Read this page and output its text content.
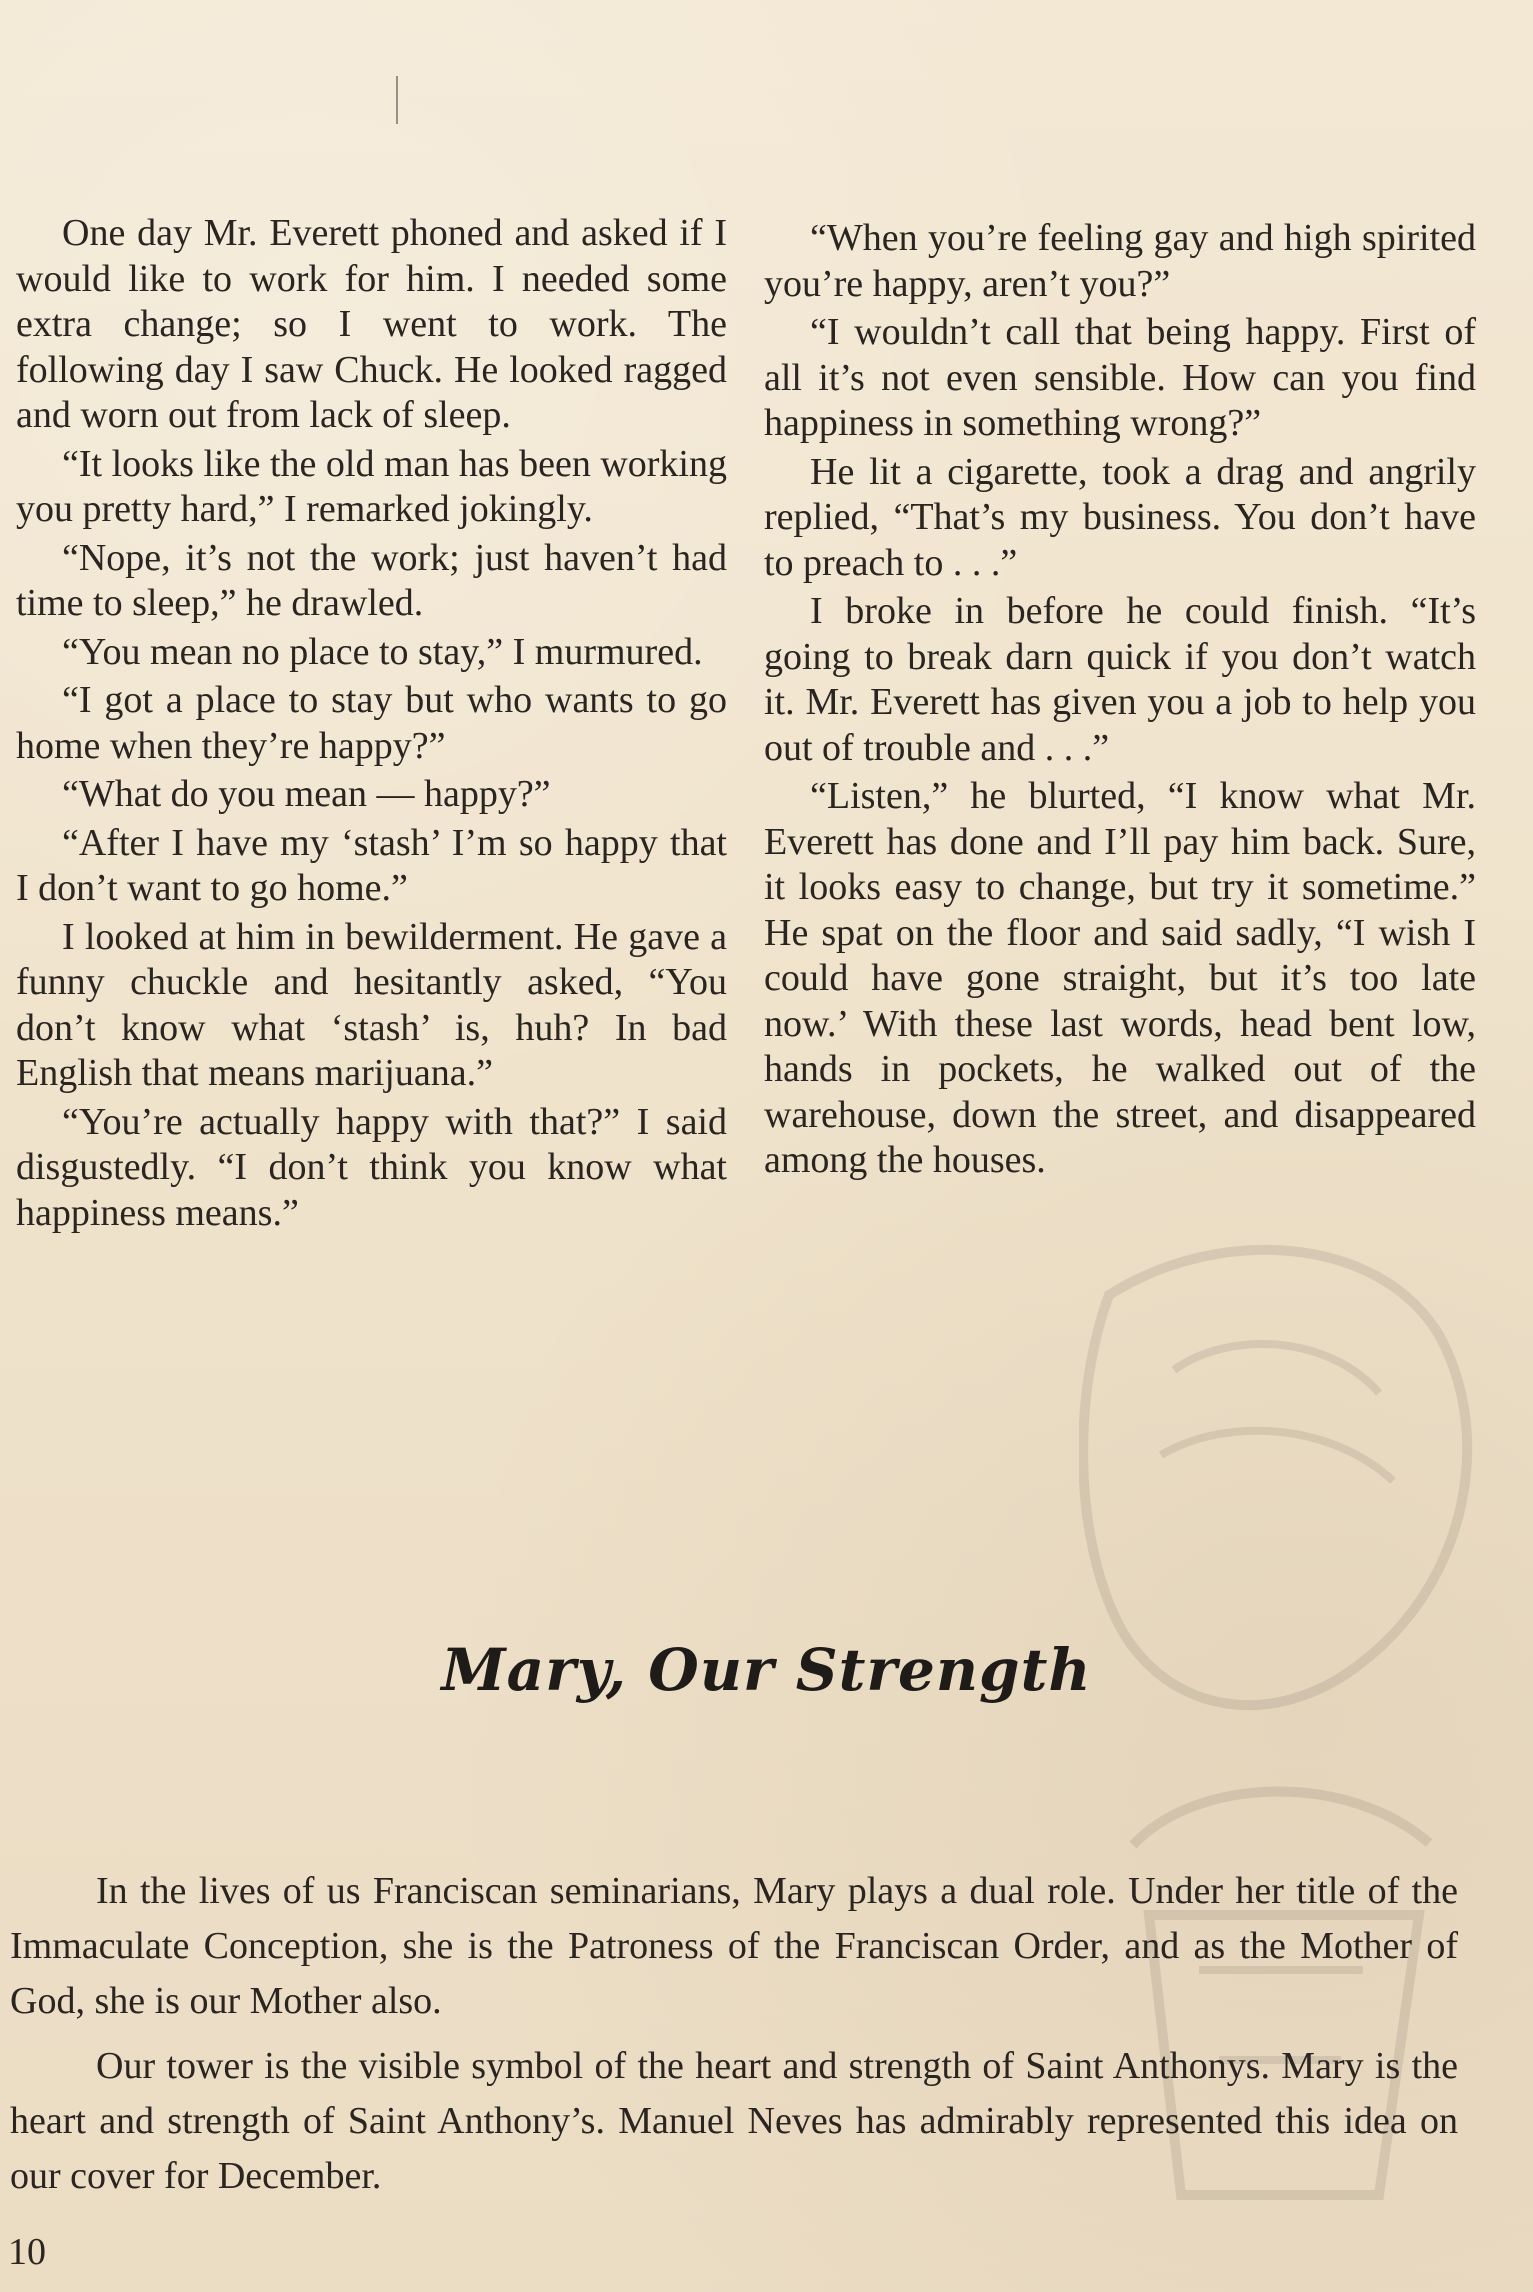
One day Mr. Everett phoned and asked if I would like to work for him. I needed some extra change; so I went to work. The following day I saw Chuck. He looked ragged and worn out from lack of sleep.

“It looks like the old man has been working you pretty hard,” I remarked jokingly.

“Nope, it’s not the work; just haven’t had time to sleep,” he drawled.

“You mean no place to stay,” I murmured.

“I got a place to stay but who wants to go home when they’re happy?”

“What do you mean — happy?”

“After I have my ‘stash’ I’m so happy that I don’t want to go home.”

I looked at him in bewilderment. He gave a funny chuckle and hesitantly asked, “You don’t know what ‘stash’ is, huh? In bad English that means marijuana.”

“You’re actually happy with that?” I said disgustedly. “I don’t think you know what happiness means.”

“When you’re feeling gay and high spirited you’re happy, aren’t you?”

“I wouldn’t call that being happy. First of all it’s not even sensible. How can you find happiness in something wrong?”

He lit a cigarette, took a drag and angrily replied, “That’s my business. You don’t have to preach to . . .”

I broke in before he could finish. “It’s going to break darn quick if you don’t watch it. Mr. Everett has given you a job to help you out of trouble and . . .”

“Listen,” he blurted, “I know what Mr. Everett has done and I’ll pay him back. Sure, it looks easy to change, but try it sometime.” He spat on the floor and said sadly, “I wish I could have gone straight, but it’s too late now.’ With these last words, head bent low, hands in pockets, he walked out of the warehouse, down the street, and disappeared among the houses.

Mary, Our Strength

In the lives of us Franciscan seminarians, Mary plays a dual role. Under her title of the Immaculate Conception, she is the Patroness of the Franciscan Order, and as the Mother of God, she is our Mother also.

Our tower is the visible symbol of the heart and strength of Saint Anthonys. Mary is the heart and strength of Saint Anthony’s. Manuel Neves has admirably represented this idea on our cover for December.

10
